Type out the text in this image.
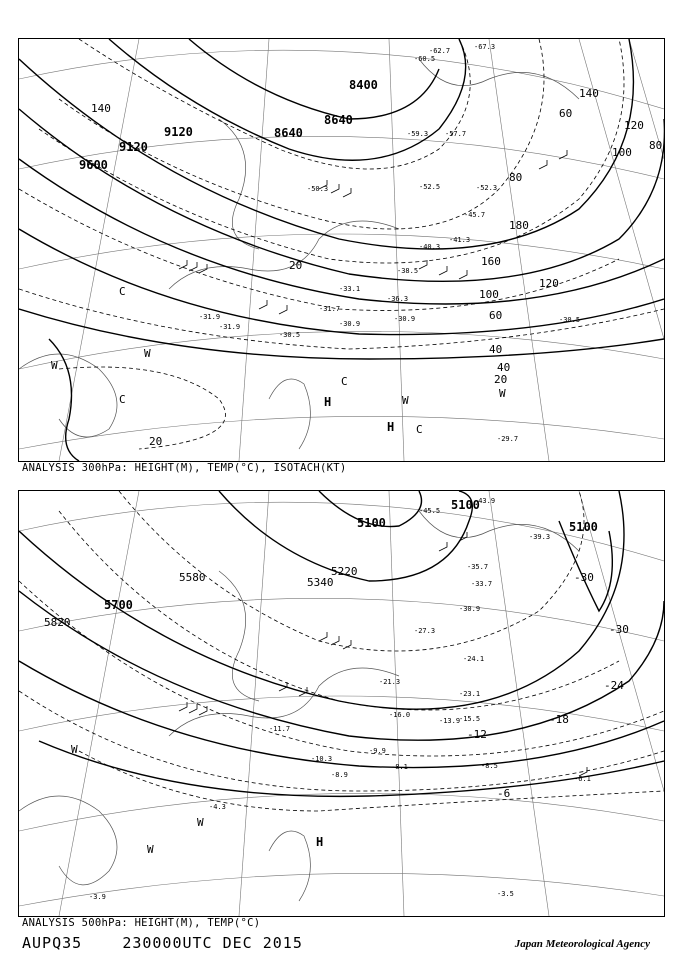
9600
9120
9120
8640
8640
8400
140
120
100
80
60
40
20
180
160
140
120
100
80
60
40
20
20
H
H
C
C
C
W
W
W
W
C
-29.7
-30.9
-31.9
-30.5
-31.7
-30.9
-33.1
-36.3
-38.5
-40.3
-41.3
-45.7
-52.3
-52.5
-50.3
-59.3 -57.7
-60.5
-62.7	-67.3
-30.5
-31.9
ANALYSIS 300hPa: HEIGHT(M), TEMP(°C), ISOTACH(KT)
5820
5700
5580	5340
5220
5100
5100
5100
-30
-30
-24
-18
-12
-6
H
W
W
W
-3.5
-3.9
-4.3
-6.1
-8.1	-8.5
-8.9
-9.9
-10.3
-11.7
-13.9
-15.5
-16.0
-21.3
-23.1
-24.1
-27.3
-30.9
-33.7
-35.7
-39.3
-43.9
-45.5
ANALYSIS 500hPa: HEIGHT(M), TEMP(°C)
AUPQ35	230000UTC DEC 2015	Japan Meteorological Agency
